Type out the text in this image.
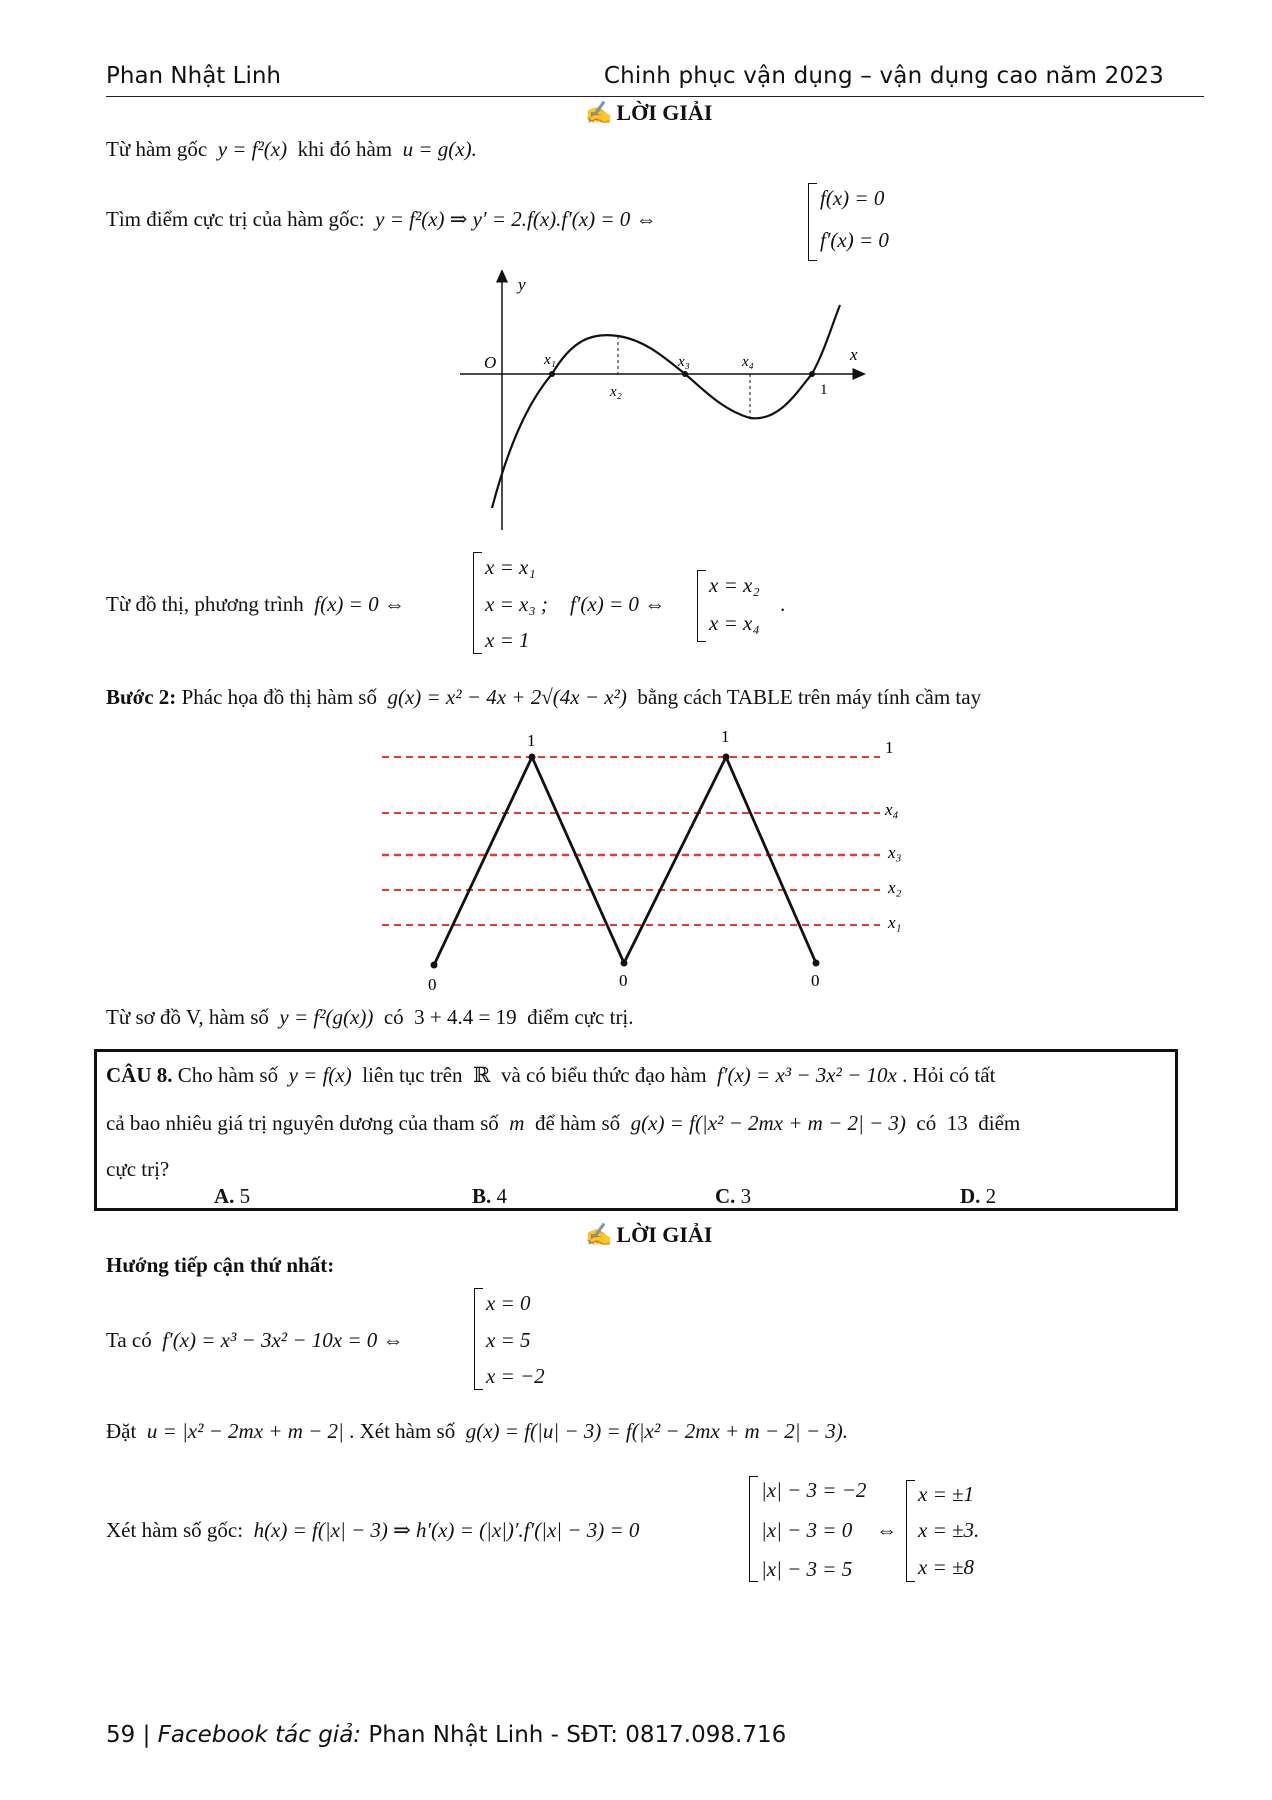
Phan Nhật Linh	Chinh phục vận dụng – vận dụng cao năm 2023
✍ LỜI GIẢI
Từ hàm gốc y = f²(x) khi đó hàm u = g(x).
Tìm điểm cực trị của hàm gốc: y = f²(x) ⇒ y′ = 2.f(x).f′(x) = 0 ⇔
f(x) = 0
f′(x) = 0
y
x
O	x₁
x₂
x₃	x₄
1
Từ đồ thị, phương trình f(x) = 0 ⇔
x = x₁
x = x₃ ;
x = 1
f′(x) = 0 ⇔
x = x₂
x = x₄
.
Bước 2: Phác họa đồ thị hàm số g(x) = x² − 4x + 2√(4x − x²) bằng cách TABLE trên máy tính cầm tay
1	1
1
x₄
x₃
x₂
x₁
0	0	0
Từ sơ đồ V, hàm số y = f²(g(x)) có 3 + 4.4 = 19 điểm cực trị.
CÂU 8. Cho hàm số y = f(x) liên tục trên ℝ và có biểu thức đạo hàm f′(x) = x³ − 3x² − 10x . Hỏi có tất
cả bao nhiêu giá trị nguyên dương của tham số m để hàm số g(x) = f(|x² − 2mx + m − 2| − 3) có 13 điểm
cực trị?
A. 5	B. 4	C. 3	D. 2
✍ LỜI GIẢI
Hướng tiếp cận thứ nhất:
Ta có f′(x) = x³ − 3x² − 10x = 0 ⇔
x = 0
x = 5
x = −2
Đặt u = |x² − 2mx + m − 2| . Xét hàm số g(x) = f(|u| − 3) = f(|x² − 2mx + m − 2| − 3).
Xét hàm số gốc: h(x) = f(|x| − 3) ⇒ h′(x) = (|x|)′.f′(|x| − 3) = 0
|x| − 3 = −2
|x| − 3 = 0
|x| − 3 = 5
⇔
x = ±1
x = ±3.
x = ±8
59 | Facebook tác giả: Phan Nhật Linh - SĐT: 0817.098.716
